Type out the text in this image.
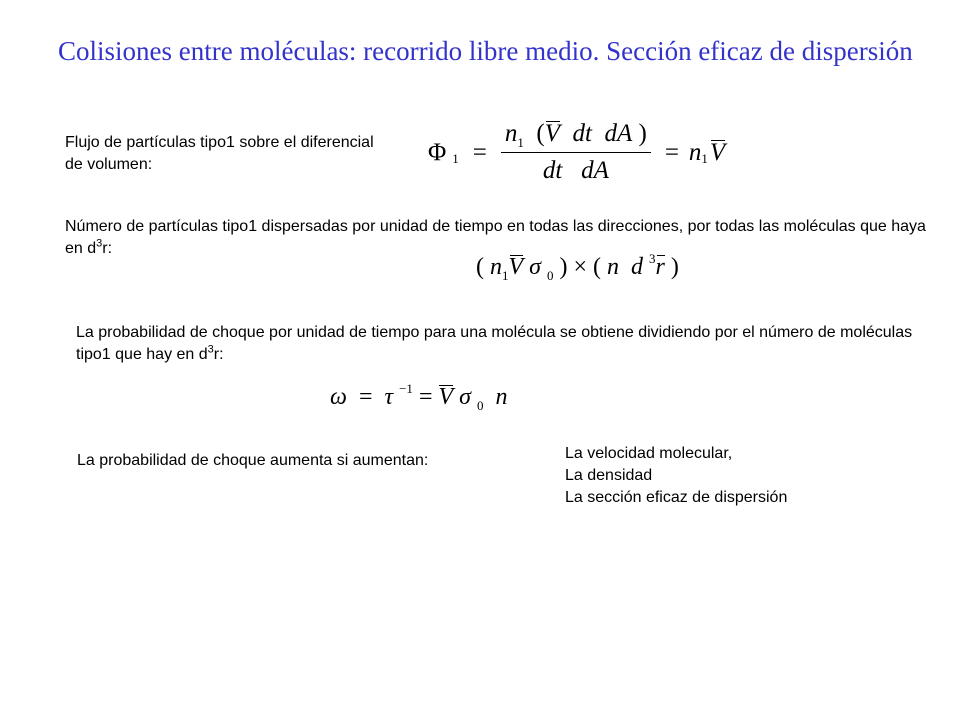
Colisiones entre moléculas: recorrido libre medio. Sección eficaz de dispersión
Flujo de partículas tipo1 sobre el diferencial de volumen:	Φ $1 = \frac{n_1 (V dt dA )}{\text{dt dA}} = n$ 1 V
Número de partículas tipo1 dispersadas por unidad de tiempo en todas las direcciones, por todas las moléculas que haya en $d^3r$:
( $n_1V$ σ $_0$ ) × ( n d $^3$r )
La probabilidad de choque por unidad de tiempo para una molécula se obtiene dividiendo por el número de moléculas tipo1 que hay en $d^3r$:
ω  =  τ $^{-1}$ = V σ $_0$ n
La probabilidad de choque aumenta si aumentan:	La velocidad molecular,
La densidad
La sección eficaz de dispersión
